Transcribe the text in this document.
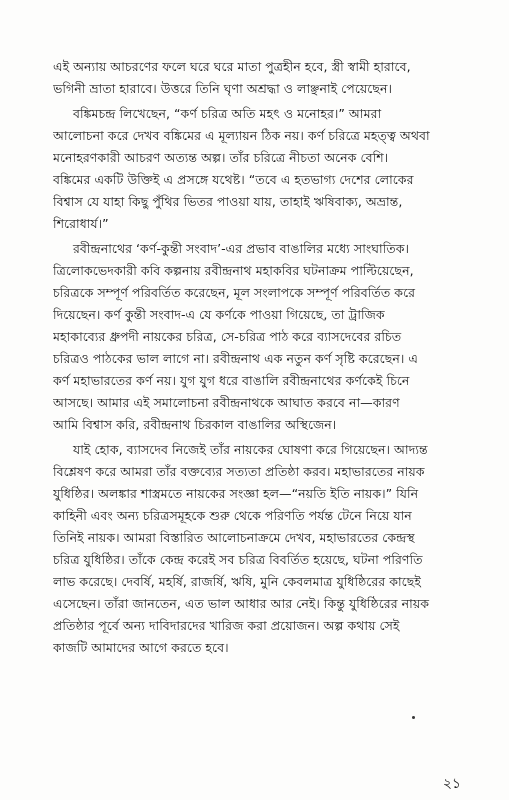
এই অন্যায় আচরণের ফলে ঘরে ঘরে মাতা পুত্রহীন হবে, স্ত্রী স্বামী হারাবে,
ভগিনী ভ্রাতা হারাবে। উত্তরে তিনি ঘৃণা অশ্রদ্ধা ও লাঞ্ছনাই পেয়েছেন।

বঙ্কিমচন্দ্র লিখেছেন, “কর্ণ চরিত্র অতি মহৎ ও মনোহর।” আমরা
আলোচনা করে দেখব বঙ্কিমের এ মূল্যায়ন ঠিক নয়। কর্ণ চরিত্রে মহত্ত্ব অথবা
মনোহরণকারী আচরণ অত্যন্ত অল্প। তাঁর চরিত্রে নীচতা অনেক বেশি।
বঙ্কিমের একটি উক্তিই এ প্রসঙ্গে যথেষ্ট। “তবে এ হতভাগ্য দেশের লোকের
বিশ্বাস যে যাহা কিছু পুঁথির ভিতর পাওয়া যায়, তাহাই ঋষিবাক্য, অভ্রান্ত,
শিরোধার্য।”

রবীন্দ্রনাথের ‘কর্ণ-কুন্তী সংবাদ’-এর প্রভাব বাঙালির মধ্যে সাংঘাতিক।
ত্রিলোকভেদকারী কবি কল্পনায় রবীন্দ্রনাথ মহাকবির ঘটনাক্রম পাল্টিয়েছেন,
চরিত্রকে সম্পূর্ণ পরিবর্তিত করেছেন, মূল সংলাপকে সম্পূর্ণ পরিবর্তিত করে
দিয়েছেন। কর্ণ কুন্তী সংবাদ-এ যে কর্ণকে পাওয়া গিয়েছে, তা ট্রাজিক
মহাকাব্যের ধ্রুপদী নায়কের চরিত্র, সে-চরিত্র পাঠ করে ব্যাসদেবের রচিত
চরিত্রও পাঠকের ভাল লাগে না। রবীন্দ্রনাথ এক নতুন কর্ণ সৃষ্টি করেছেন। এ
কর্ণ মহাভারতের কর্ণ নয়। যুগ যুগ ধরে বাঙালি রবীন্দ্রনাথের কর্ণকেই চিনে
আসছে। আমার এই সমালোচনা রবীন্দ্রনাথকে আঘাত করবে না—কারণ
আমি বিশ্বাস করি, রবীন্দ্রনাথ চিরকাল বাঙালির অস্থিজেন।

যাই হোক, ব্যাসদেব নিজেই তাঁর নায়কের ঘোষণা করে গিয়েছেন। আদ্যন্ত
বিশ্লেষণ করে আমরা তাঁর বক্তব্যের সত্যতা প্রতিষ্ঠা করব। মহাভারতের নায়ক
যুধিষ্ঠির। অলঙ্কার শাস্ত্রমতে নায়কের সংজ্ঞা হল—“নয়তি ইতি নায়ক।” যিনি
কাহিনী এবং অন্য চরিত্রসমূহকে শুরু থেকে পরিণতি পর্যন্ত টেনে নিয়ে যান
তিনিই নায়ক। আমরা বিস্তারিত আলোচনাক্রমে দেখব, মহাভারতের কেন্দ্রস্থ
চরিত্র যুধিষ্ঠির। তাঁকে কেন্দ্র করেই সব চরিত্র বিবর্তিত হয়েছে, ঘটনা পরিণতি
লাভ করেছে। দেবর্ষি, মহর্ষি, রাজর্ষি, ঋষি, মুনি কেবলমাত্র যুধিষ্ঠিরের কাছেই
এসেছেন। তাঁরা জানতেন, এত ভাল আধার আর নেই। কিন্তু যুধিষ্ঠিরের নায়ক
প্রতিষ্ঠার পূর্বে অন্য দাবিদারদের খারিজ করা প্রয়োজন। অল্প কথায় সেই
কাজটি আমাদের আগে করতে হবে।

২১
